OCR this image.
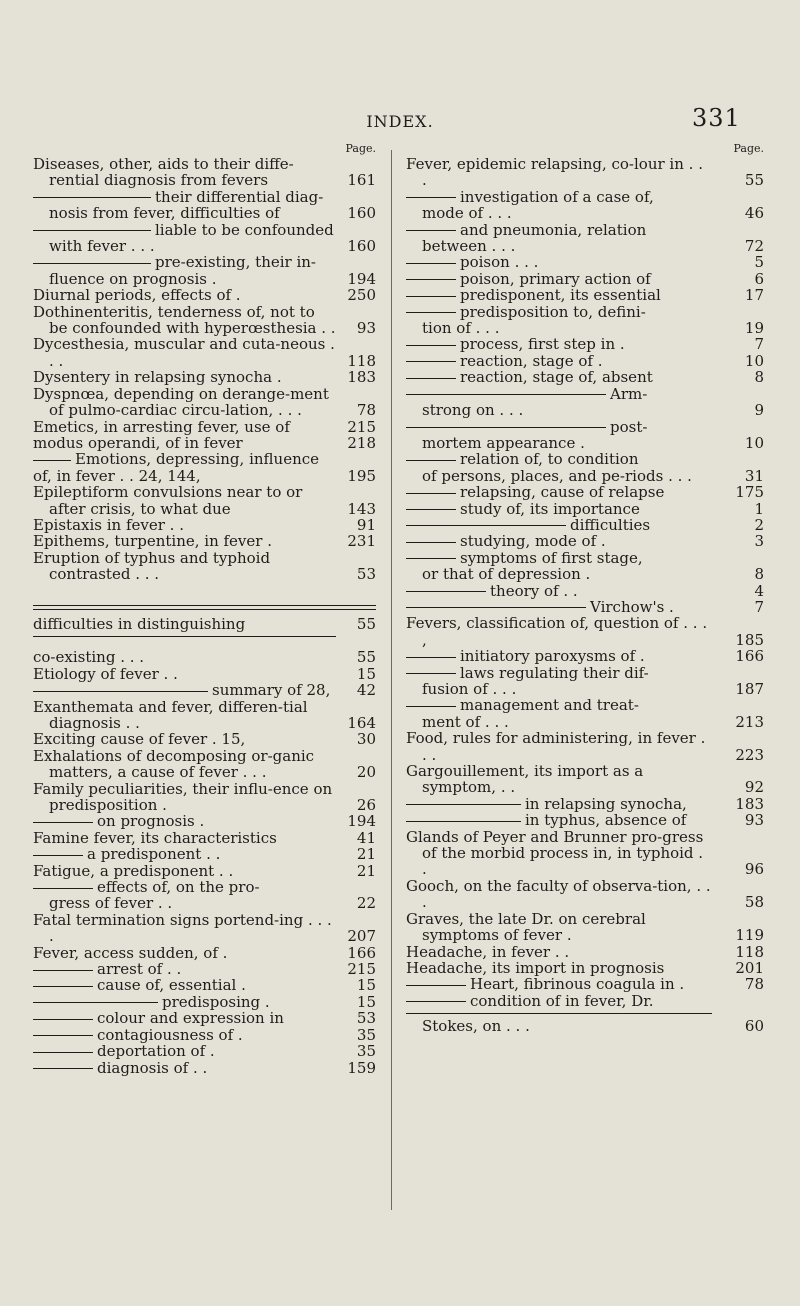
INDEX.	331
Page.
Diseases, other, aids to their diffe-rential diagnosis from fevers	161
their differential diag-
nosis from fever, difficulties of	160
liable to be confounded
with fever . . .	160
pre-existing, their in-
fluence on prognosis .	194
Diurnal periods, effects of .	250
Dothinenteritis, tenderness of, not to be confounded with hyperœsthesia . .	93
Dycesthesia, muscular and cuta-neous . . .	118
Dysentery in relapsing synocha .	183
Dyspnœa, depending on derange-ment of pulmo-cardiac circu-lation, . . .	78
Emetics, in arresting fever, use of	215
modus operandi, of in fever	218
Emotions, depressing, influence of, in fever . . 24, 144,	195
Epileptiform convulsions near to or after crisis, to what due	143
Epistaxis in fever . .	91
Epithems, turpentine, in fever .	231
Eruption of typhus and typhoid contrasted . . .	53
difficulties in distinguishing	55
co-existing . . .	55
Etiology of fever . .	15
summary of 28,	42
Exanthemata and fever, differen-tial diagnosis . .	164
Exciting cause of fever . 15,	30
Exhalations of decomposing or-ganic matters, a cause of fever . . .	20
Family peculiarities, their influ-ence on predisposition .	26
on prognosis .	194
Famine fever, its characteristics	41
a predisponent . .	21
Fatigue, a predisponent . .	21
effects of, on the pro-
gress of fever . .	22
Fatal termination signs portend-ing . . . .	207
Fever, access sudden, of .	166
arrest of . .	215
cause of, essential .	15
predisposing .	15
colour and expression in	53
contagiousness of .	35
deportation of .	35
diagnosis of . .	159
Page.
Fever, epidemic relapsing, co-lour in . . .	55
investigation of a case of,
mode of . . .	46
and pneumonia, relation
between . . .	72
poison . . .	5
poison, primary action of	6
predisponent, its essential	17
predisposition to, defini-
tion of . . .	19
process, first step in .	7
reaction, stage of .	10
reaction, stage of, absent	8
Arm-
strong on . . .	9
post-
mortem appearance .	10
relation of, to condition
of persons, places, and pe-riods . . .	31
relapsing, cause of relapse	175
study of, its importance	1
difficulties	2
studying, mode of .	3
symptoms of first stage,
or that of depression .	8
theory of . .	4
Virchow's .	7
Fevers, classification of, question of . . . ,	185
initiatory paroxysms of .	166
laws regulating their dif-
fusion of . . .	187
management and treat-
ment of . . .	213
Food, rules for administering, in fever . . .	223
Gargouillement, its import as a symptom, . .	92
in relapsing synocha,	183
in typhus, absence of	93
Glands of Peyer and Brunner pro-gress of the morbid process in, in typhoid . .	96
Gooch, on the faculty of observa-tion, . . .	58
Graves, the late Dr. on cerebral symptoms of fever .	119
Headache, in fever . .	118
Headache, its import in prognosis	201
Heart, fibrinous coagula in .	78
condition of in fever, Dr.
Stokes, on . . .	60
